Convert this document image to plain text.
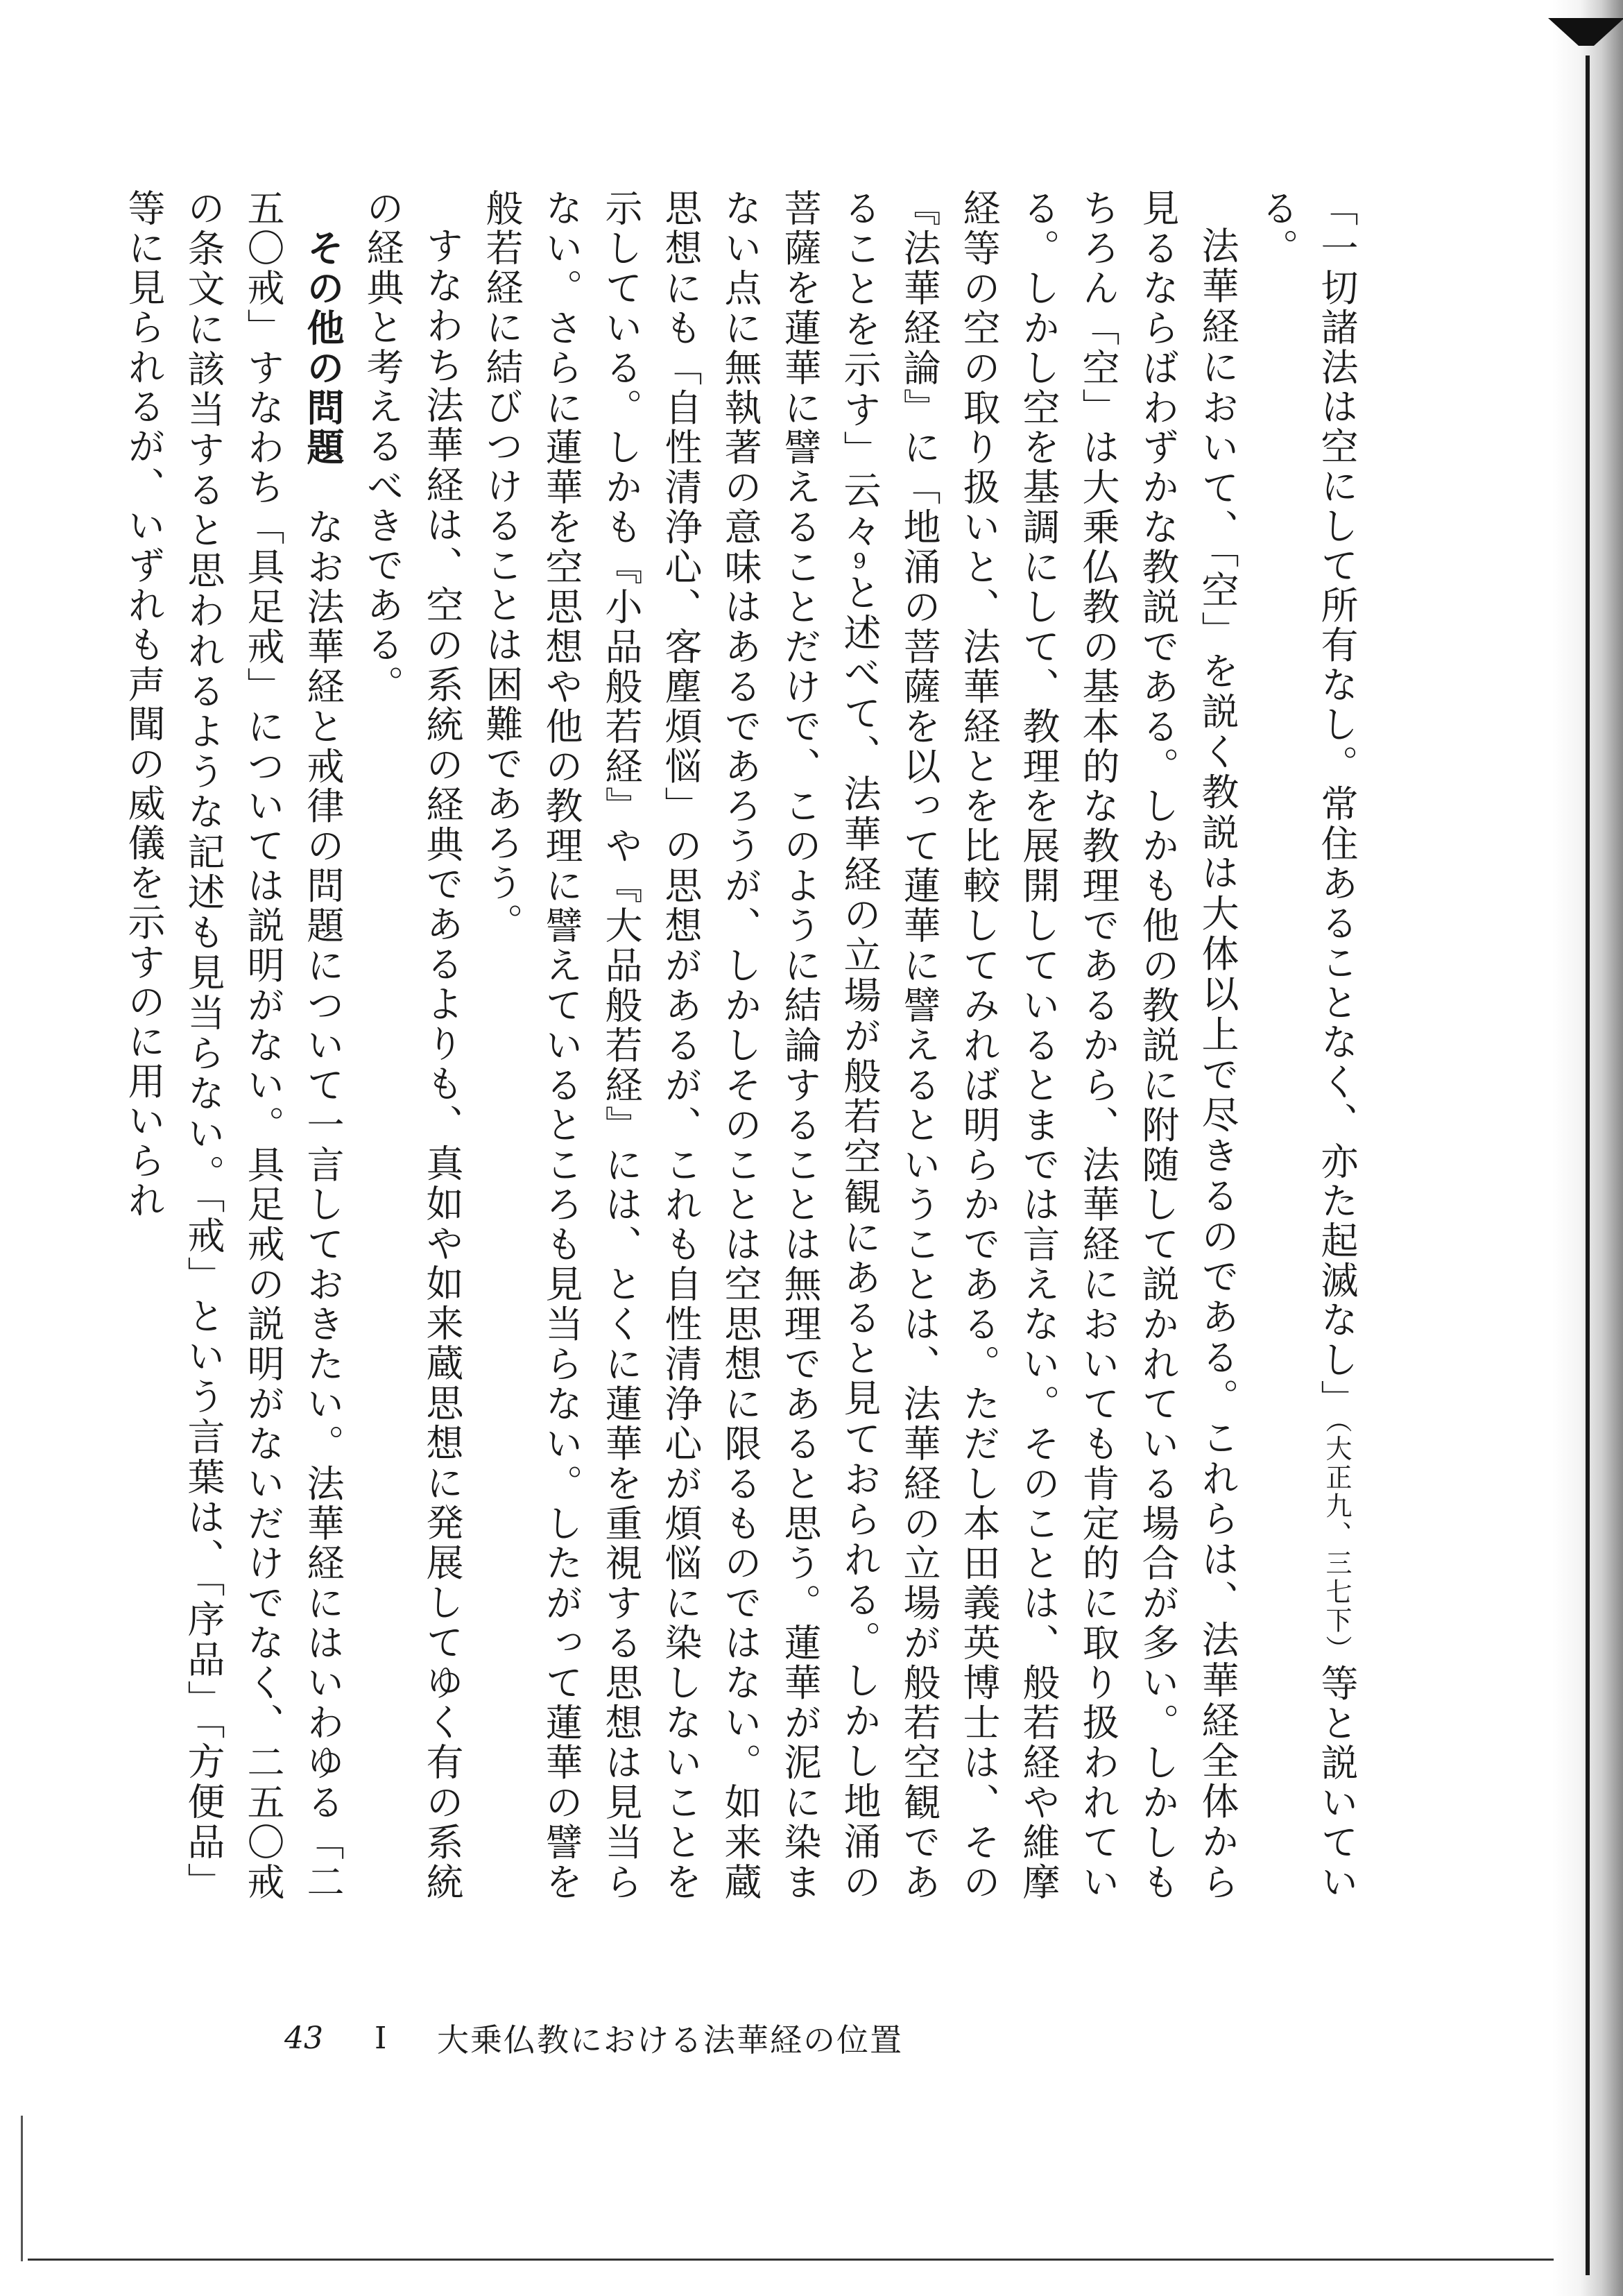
「一切諸法は空にして所有なし。常住あることなく、亦た起滅なし」（大正九、三七下）等と説いている。

法華経において、「空」を説く教説は大体以上で尽きるのである。これらは、法華経全体から見るならばわずかな教説である。しかも他の教説に附随して説かれている場合が多い。しかしもちろん「空」は大乗仏教の基本的な教理であるから、法華経においても肯定的に取り扱われている。しかし空を基調にして、教理を展開しているとまでは言えない。そのことは、般若経や維摩経等の空の取り扱いと、法華経とを比較してみれば明らかである。ただし本田義英博士は、その『法華経論』に「地涌の菩薩を以って蓮華に譬えるということは、法華経の立場が般若空観であることを示す」云々9と述べて、法華経の立場が般若空観にあると見ておられる。しかし地涌の菩薩を蓮華に譬えることだけで、このように結論することは無理であると思う。蓮華が泥に染まない点に無執著の意味はあるであろうが、しかしそのことは空思想に限るものではない。如来蔵思想にも「自性清浄心、客塵煩悩」の思想があるが、これも自性清浄心が煩悩に染しないことを示している。しかも『小品般若経』や『大品般若経』には、とくに蓮華を重視する思想は見当らない。さらに蓮華を空思想や他の教理に譬えているところも見当らない。したがって蓮華の譬を般若経に結びつけることは困難であろう。

すなわち法華経は、空の系統の経典であるよりも、真如や如来蔵思想に発展してゆく有の系統の経典と考えるべきである。

　その他の問題　なお法華経と戒律の問題について一言しておきたい。法華経にはいわゆる「二五〇戒」すなわち「具足戒」については説明がない。具足戒の説明がないだけでなく、二五〇戒の条文に該当すると思われるような記述も見当らない。「戒」という言葉は、「序品」「方便品」等に見られるが、いずれも声聞の威儀を示すのに用いられ

43	I	大乗仏教における法華経の位置
